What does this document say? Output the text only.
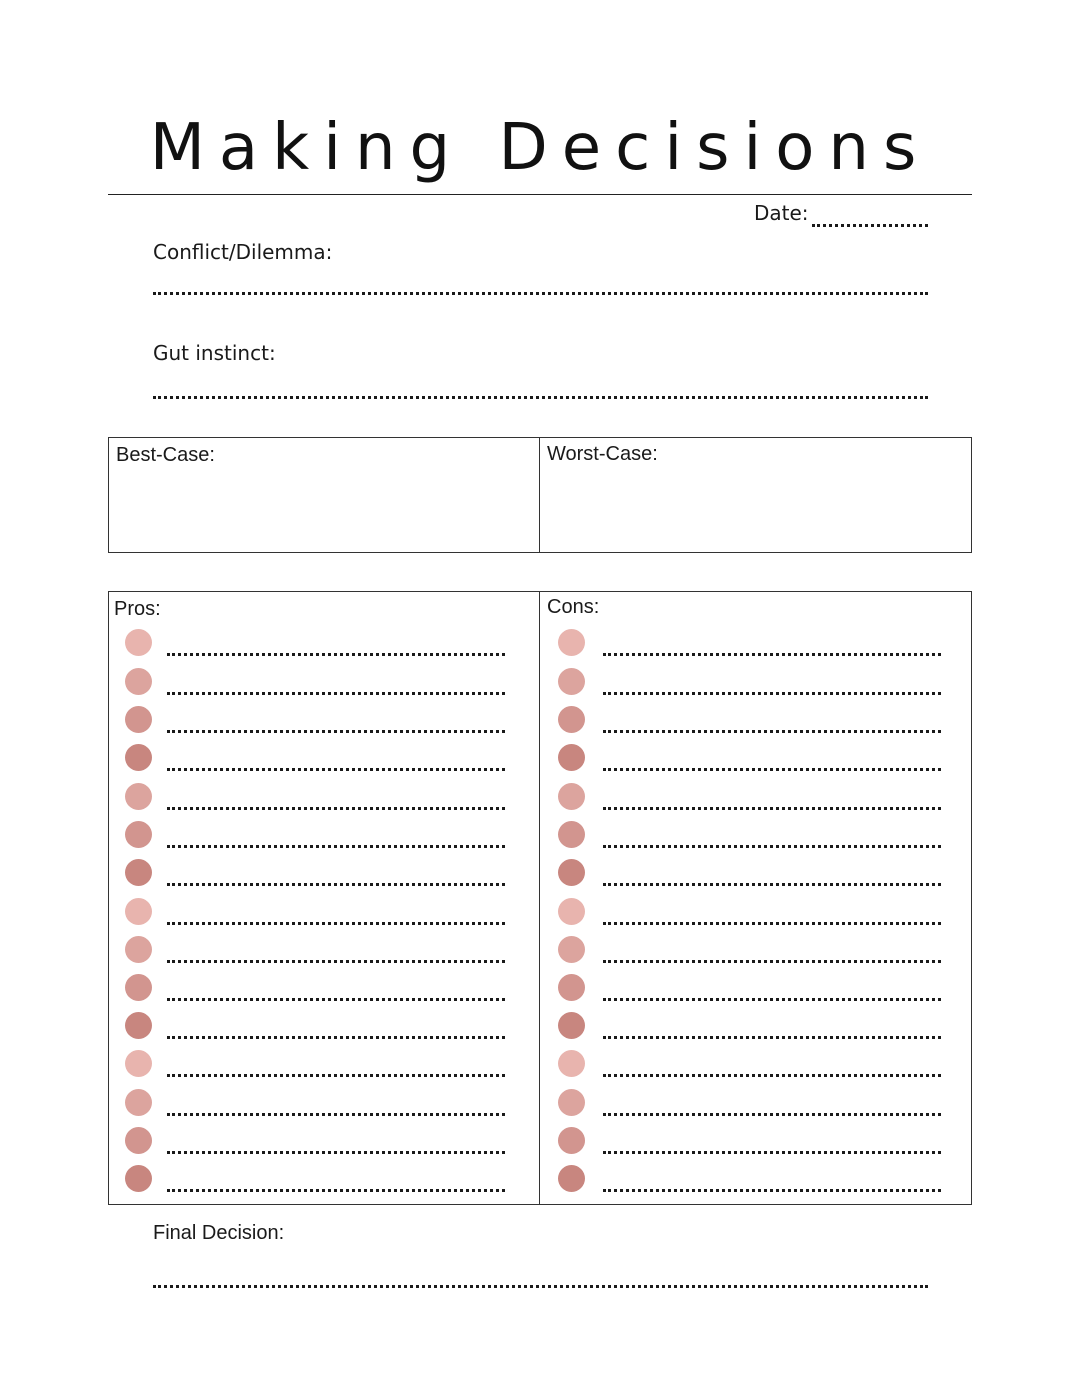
Making Decisions
Date:
Conflict/Dilemma:
Gut instinct:
Best-Case:	Worst-Case:
Pros:	Cons:
Final Decision:
